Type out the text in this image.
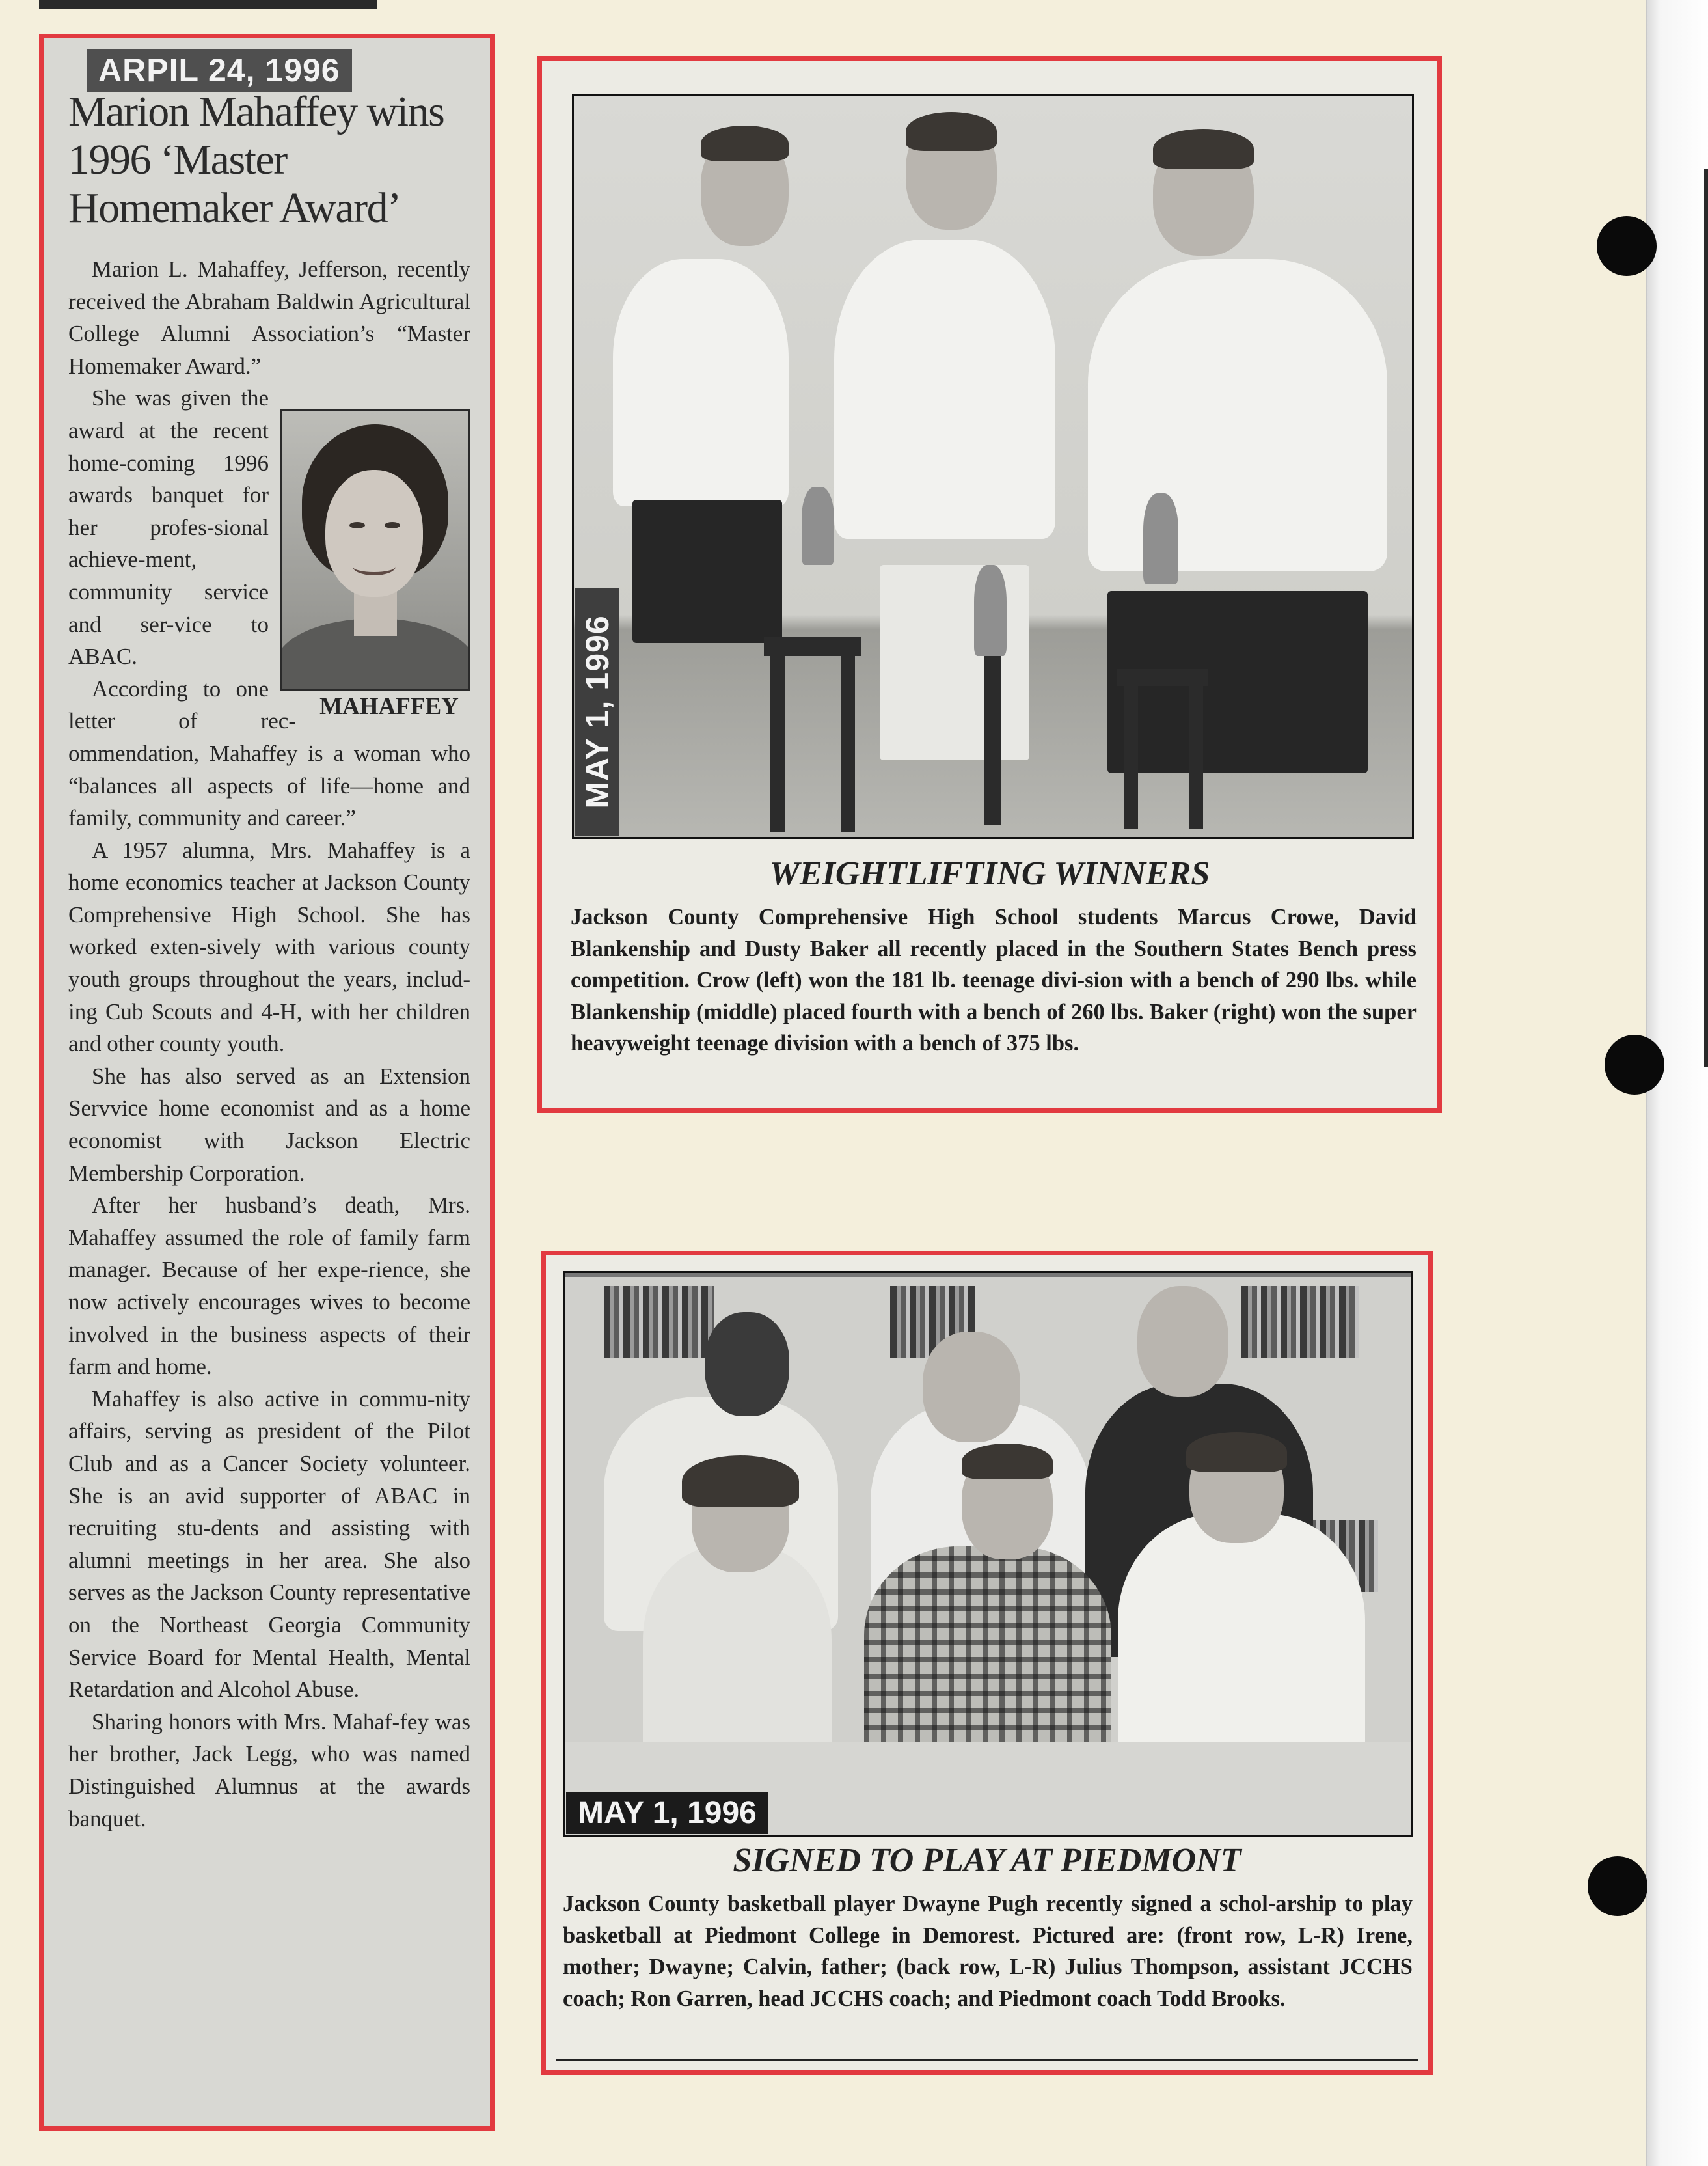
ARPIL 24, 1996
Marion Mahaffey wins 1996 ‘Master Homemaker Award’

Marion L. Mahaffey, Jefferson, recently received the Abraham Baldwin Agricultural College Alumni Association’s “Master Homemaker Award.”

She was given the award at the recent home-coming 1996 awards banquet for her profes-sional achieve-ment, community service and ser-vice to ABAC.

MAHAFFEY

According to one letter of rec-ommendation, Mahaffey is a woman who “balances all aspects of life—home and family, community and career.”

A 1957 alumna, Mrs. Mahaffey is a home economics teacher at Jackson County Comprehensive High School. She has worked exten-sively with various county youth groups throughout the years, includ-ing Cub Scouts and 4-H, with her children and other county youth.

She has also served as an Extension Servvice home economist and as a home economist with Jackson Electric Membership Corporation.

After her husband’s death, Mrs. Mahaffey assumed the role of family farm manager. Because of her expe-rience, she now actively encourages wives to become involved in the business aspects of their farm and home.

Mahaffey is also active in commu-nity affairs, serving as president of the Pilot Club and as a Cancer Society volunteer. She is an avid supporter of ABAC in recruiting stu-dents and assisting with alumni meetings in her area. She also serves as the Jackson County representative on the Northeast Georgia Community Service Board for Mental Health, Mental Retardation and Alcohol Abuse.

Sharing honors with Mrs. Mahaf-fey was her brother, Jack Legg, who was named Distinguished Alumnus at the awards banquet.

MAY 1, 1996
WEIGHTLIFTING WINNERS
Jackson County Comprehensive High School students Marcus Crowe, David Blankenship and Dusty Baker all recently placed in the Southern States Bench press competition. Crow (left) won the 181 lb. teenage divi-sion with a bench of 290 lbs. while Blankenship (middle) placed fourth with a bench of 260 lbs. Baker (right) won the super heavyweight teenage division with a bench of 375 lbs.
MAY 1, 1996
SIGNED TO PLAY AT PIEDMONT
Jackson County basketball player Dwayne Pugh recently signed a schol-arship to play basketball at Piedmont College in Demorest. Pictured are: (front row, L-R) Irene, mother; Dwayne; Calvin, father; (back row, L-R) Julius Thompson, assistant JCCHS coach; Ron Garren, head JCCHS coach; and Piedmont coach Todd Brooks.
